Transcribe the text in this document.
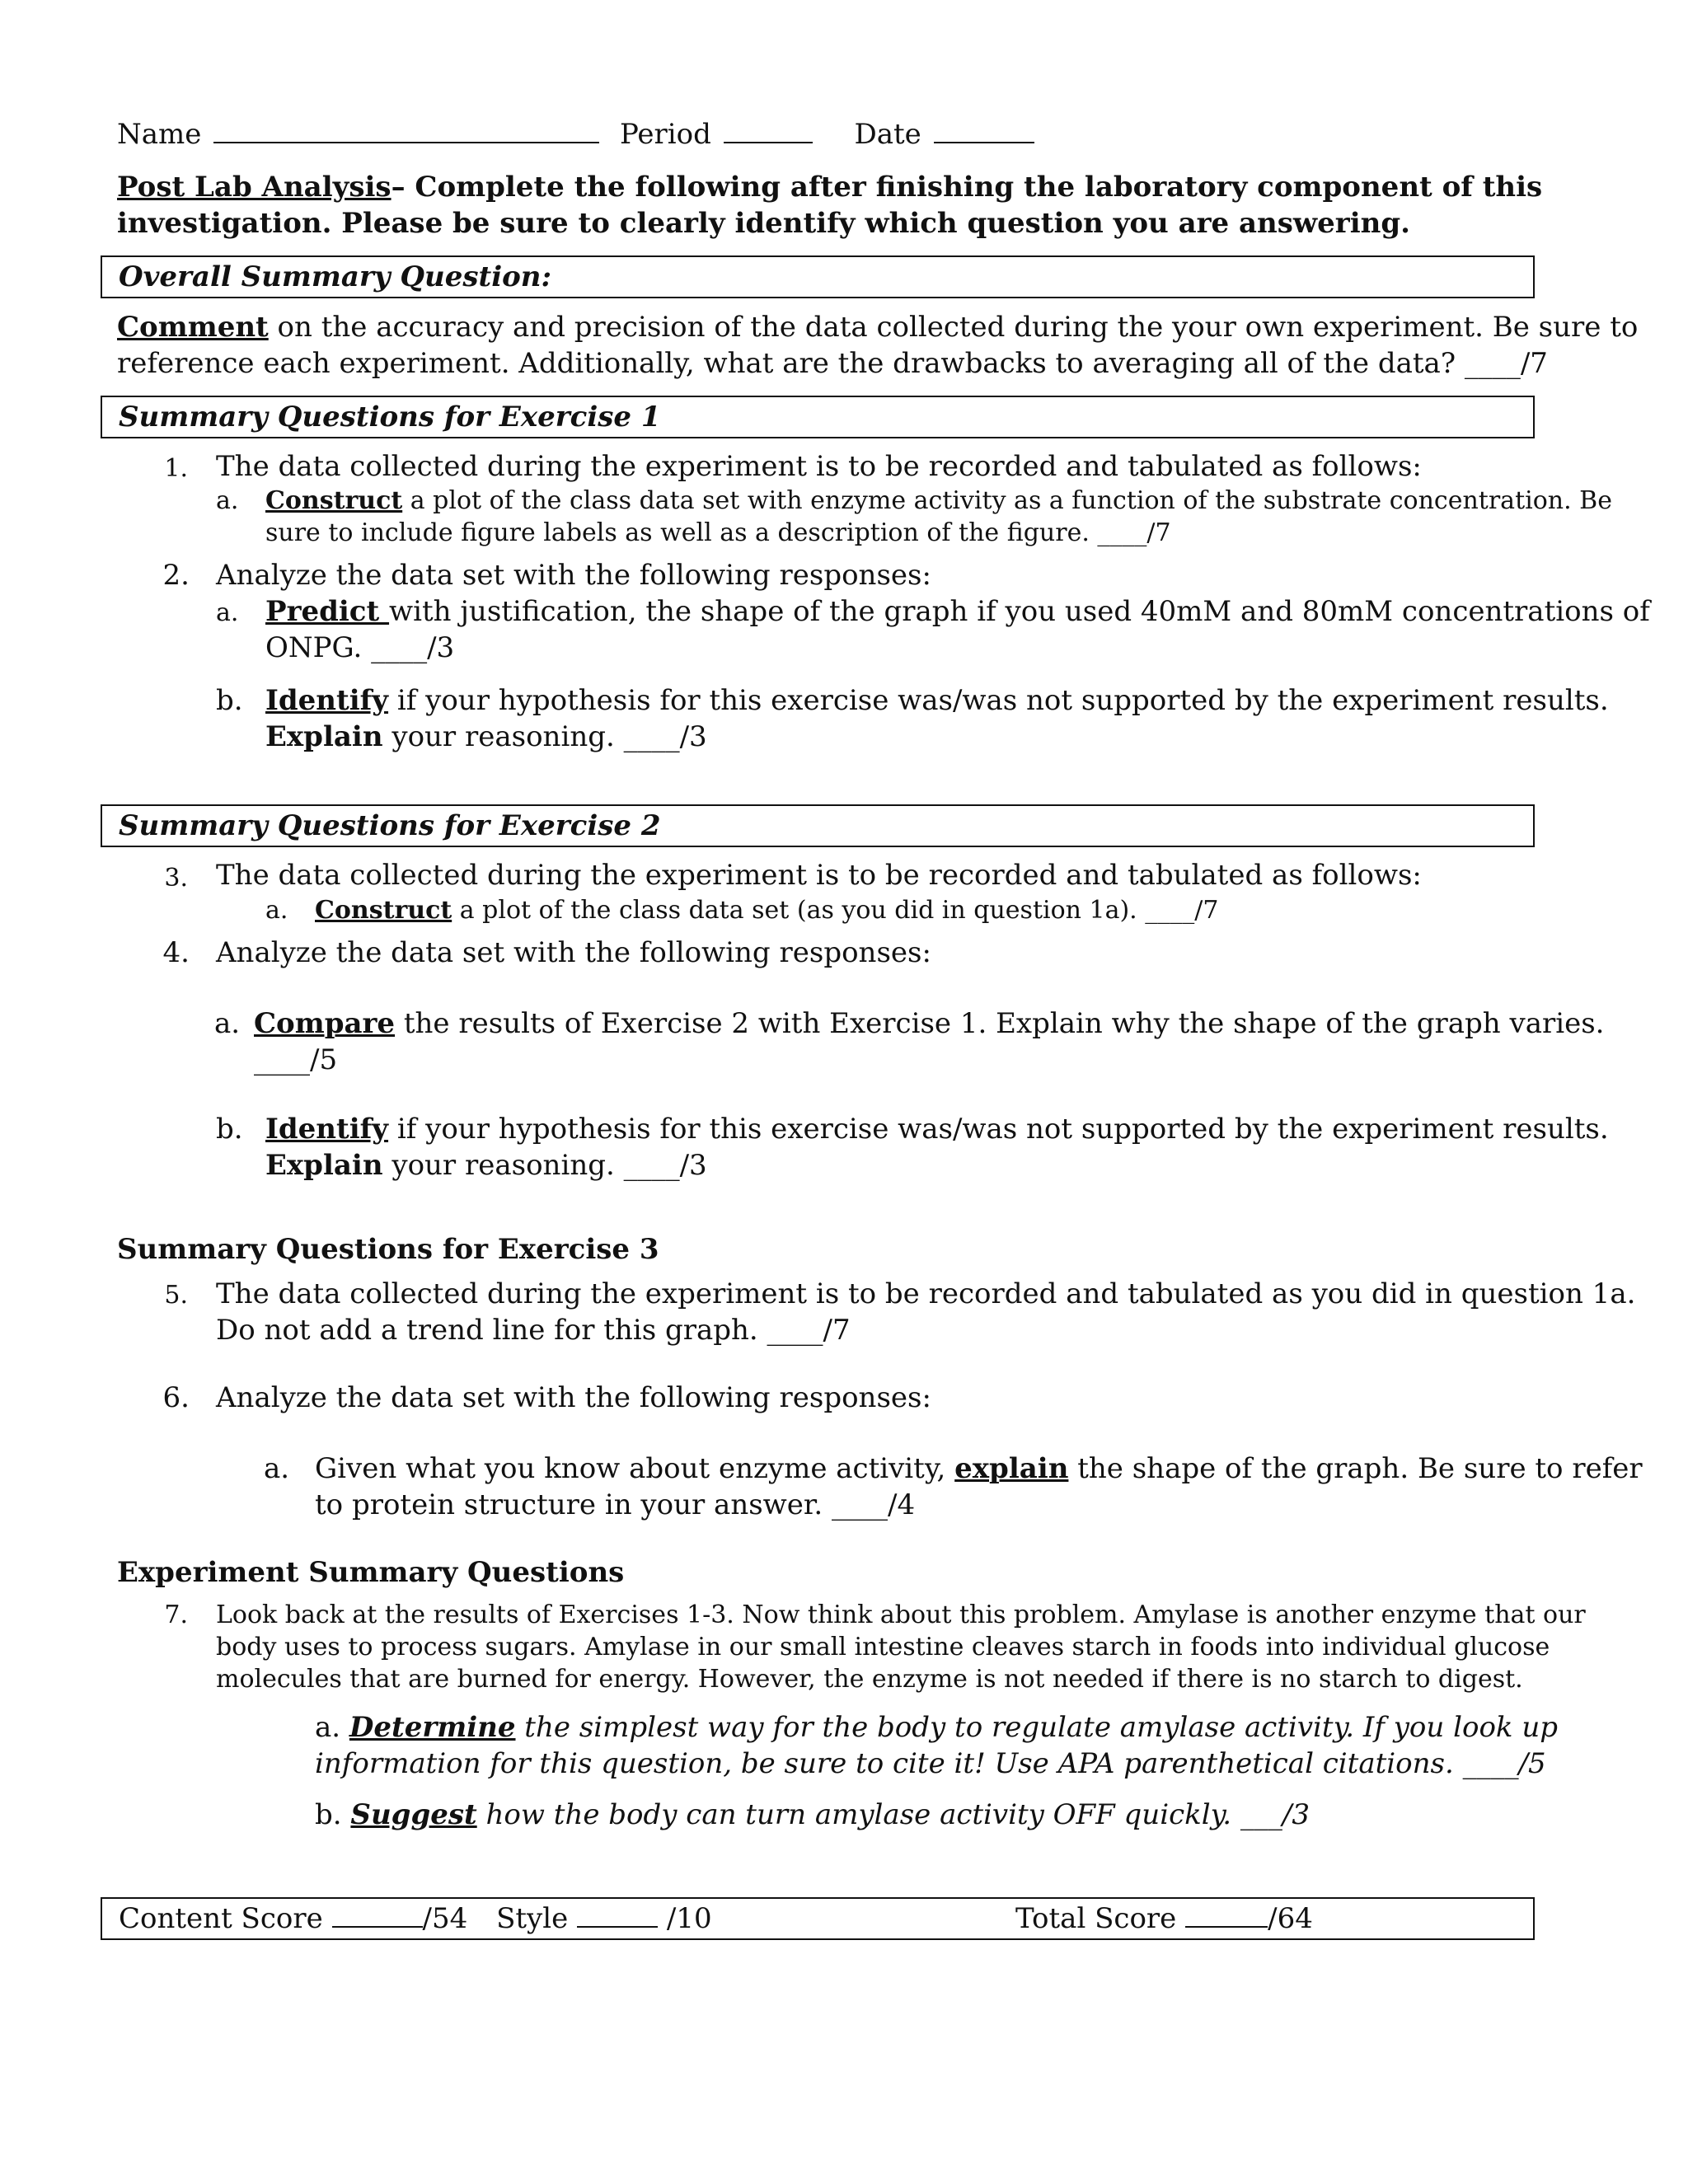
Name	Period	Date
Post Lab Analysis– Complete the following after finishing the laboratory component of this
investigation. Please be sure to clearly identify which question you are answering.
Overall Summary Question:
Comment on the accuracy and precision of the data collected during the your own experiment. Be sure to
reference each experiment. Additionally, what are the drawbacks to averaging all of the data? ____/7
Summary Questions for Exercise 1
1. The data collected during the experiment is to be recorded and tabulated as follows:
a. Construct a plot of the class data set with enzyme activity as a function of the substrate concentration. Be
sure to include figure labels as well as a description of the figure. ____/7
2. Analyze the data set with the following responses:
a. Predict with justification, the shape of the graph if you used 40mM and 80mM concentrations of
ONPG. ____/3
b. Identify if your hypothesis for this exercise was/was not supported by the experiment results.
Explain your reasoning. ____/3
Summary Questions for Exercise 2
3. The data collected during the experiment is to be recorded and tabulated as follows:
a. Construct a plot of the class data set (as you did in question 1a). ____/7
4. Analyze the data set with the following responses:
a. Compare the results of Exercise 2 with Exercise 1. Explain why the shape of the graph varies.
____/5
b. Identify if your hypothesis for this exercise was/was not supported by the experiment results.
Explain your reasoning. ____/3
Summary Questions for Exercise 3
5. The data collected during the experiment is to be recorded and tabulated as you did in question 1a.
Do not add a trend line for this graph. ____/7
6. Analyze the data set with the following responses:
a. Given what you know about enzyme activity, explain the shape of the graph. Be sure to refer
to protein structure in your answer. ____/4
Experiment Summary Questions
7. Look back at the results of Exercises 1-3. Now think about this problem. Amylase is another enzyme that our
body uses to process sugars. Amylase in our small intestine cleaves starch in foods into individual glucose
molecules that are burned for energy. However, the enzyme is not needed if there is no starch to digest.
a. Determine the simplest way for the body to regulate amylase activity. If you look up
information for this question, be sure to cite it! Use APA parenthetical citations. ____/5
b. Suggest how the body can turn amylase activity OFF quickly. ___/3
Content Score	/54 Style	/10	Total Score	/64
